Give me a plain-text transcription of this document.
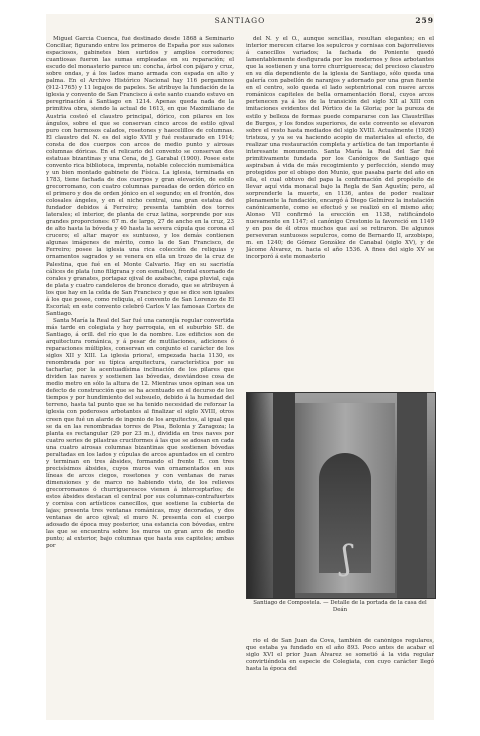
SANTIAGO	259

Miguel García Cuenca, fué destinado desde 1868 á Seminario Conciliar, figurando entre los primeros de España por sus salones espaciosos, gabinetes bien surtidos y amplios corredores; cuantiosas fueron las sumas empleadas en su reparación; el escudo del monasterio parece un: concha, árbol con pájaro y cruz, sobre ondas, y á los lados mano armada con espada en alto y palma. En el Archivo Histórico Nacional hay 116 pergaminos (912-1765) y 11 legajos de papeles. Se atribuye la fundación de la iglesia y convento de San Francisco á este santo cuando estuvo en peregrinación á Santiago en 1214. Apenas queda nada de la primitiva obra, siendo la actual de 1613, en que Maximiliano de Austria costeó el claustro principal, dórico, con pilares en los ángulos, sobre el que se conservan cinco arcos de estilo ojival puro con hermosos calados, rosetones y haecelillos de columnas. El claustro del N. es del siglo XVII y fué restaurado en 1914; consta de dos cuerpos con arcos de medio punto y airosas columnas dóricas. En el relicario del convento se conservan dos estatuas bizantinas y una Cena, de J. Garabal (1900). Posee este convento rica biblioteca, imprenta, notable colección numismática y un bien montado gabinete de Física. La iglesia, terminada en 1783, tiene fachada de dos cuerpos y gran elevación, de estilo grecorromano, con cuatro columnas pareadas de orden dórico en el primero y dos de orden jónico en el segundo; en el frontón, dos colosales ángeles, y en el nicho central, una gran estatua del fundador debidos á Ferreiro; presenta también dos torres laterales; el interior, de planta de cruz latina, sorprende por sus grandes proporciones: 67 m. de largo, 27 de ancho en la cruz, 23 de alto hasta la bóveda y 40 hasta la severa cúpula que corona el crucero; el altar mayor es suntuoso, y los demás contienen algunas imágenes de mérito, como la de San Francisco, de Ferreiro; posee la iglesia una rica colección de reliquias y ornamentos sagrados y se venera en ella un trozo de la cruz de Palestina, que fué en el Monte Calvario. Hay en su sacristía cálices de plata (uno filigrana y con esmaltes), frontal exornado de corales y granates, portapaz ojival de azabache, capa pluvial, caja de plata y cuatro candeleros de bronce dorado, que se atribuyen á los que hay en la celda de San Francisco y que se dice son iguales á los que posee, como reliquia, el convento de San Lorenzo de El Escorial; en este convento celebró Carlos V las famosas Cortes de Santiago.

Santa María la Real del Sar fué una canonjía regular convertida más tarde en colegiata y hoy parroquia, en el suburbio SE. de Santiago, á orill. del río que le da nombre. Los edificios son de arquitectura románica, y á pesar de mutilaciones, adiciones ó reparaciones múltiples, conservan en conjunto el carácter de los siglos XII y XIII. La iglesia priora!, empezada hacia 1130, es renombrada por su típica arquitectura, característica por su tacharlar, por la acentuadísima inclinación de los pilares que dividen las naves y sostienen las bóvedas, desviándose cosa de medio metro en sólo la altura de 12. Mientras unos opinan sea un defecto de construcción que se ha acentuado en el decurso de los tiempos y por hundimiento del subsuelo, debido á la humedad del terreno, hasta tal punto que se ha tenido necesidad de reforzar la iglesia con poderosos arbotantes al finalizar el siglo XVIII, otros creen que fué un alarde de ingenio de los arquitectos, al igual que se da en las renombradas torres de Pisa, Bolonia y Zaragoza; la planta es rectangular (29 por 23 m.), dividida en tres naves por cuatro series de pilastras cruciformes á las que se adosan en cada una cuatro airosas columnas bizantinas que sostienen bóvedas peraltadas en los lados y cúpulas de arcos apuntados en el centro y terminan en tres ábsides, formando el frente E. con tres precisísimos ábsides, cuyos muros van ornamentados en sus líneas de arcos ciegos, rosetones y con ventanas de raras dimensiones y de marco no habiendo visto, de los relieves grecorromanos ó churriguerescos vienen á interceptarlos; de estos ábsides destacan el central por sus columnas-contrafuertes y cornisa con artísticos canecillos, que sostiene la cubierta de lajas; presenta tres ventanas románicas, muy decoradas, y dos ventanas de arco ojival; el muro N. presenta con el cuerpo adosado de época muy posterior, una estancia con bóvedas, entre las que se encuentra sobre los muros un gran arco de medio punto; al exterior, bajo columnas que hasta sus capiteles; ambas por

del N. y el O., aunque sencillas, resultan elegantes; en el interior merecen citarse los sepulcros y cornisas con bajorrelieves á canecillos variados; la fachada de Poniente quedó lamentablemente desfigurada por los modernos y feos arbotantes que la sostienen y una torre churrigueresca; del precioso claustro en su día dependiente de la iglesia de Santiago, sólo queda una galería con pabellón de naranjos y adornado por una gran fuente en el centro, solo queda el lado septentrional con nueve arcos románicos capiteles de bella ornamentación floral, cuyos arcos pertenecen ya á los de la transición del siglo XII al XIII con imitaciones evidentes del Pórtico de la Gloria; por la pureza de estilo y belleza de formas puede compararse con las Claustrillas de Burgos, y los fondos superiores, de este convento se elevaron sobre el resto hasta mediados del siglo XVIII. Actualmente (1926) tristeza, y ya se va haciendo acopio de materiales al efecto, de realizar una restauración completa y artística de tan importante é interesante monumento. Santa María la Real del Sar fué primitivamente fundada por los Canónigos de Santiago que aspiraban á vida de más recogimiento y perfección, siendo muy protegidos por el obispo don Munio, que pasaba parte del año en ella, el cual obtuvo del papa la confirmación del propósito de llevar aquí vida monacal bajo la Regla de San Agustín; pero, al sorprenderle la muerte, en 1136, antes de poder realizar plenamente la fundación, encargó á Diego Gelmírez la instalación canónicamente, como se efectuó y se realizó en el mismo año; Alonso VII confirmó la erección en 1138, ratificándolo nuevamente en 1147; el canónigo Crestonio la favoreció en 1149 y en pos de él otros muchos que así se retiraron. De algunos perseveran suntuosos sepulcros, como de Bernardo II, arzobispo, m. en 1240; de Gómez González de Canabal (siglo XV), y de Jácome Álvarez, m. hacia el año 1536. A fines del siglo XV se incorporó á este monasterio

ʃ
Santiago de Compostela. — Detalle de la portada de la casa del Deán

rio el de San Juan da Cova, también de canónigos regulares, que estaba ya fundado en el año 893. Poco antes de acabar el siglo XVI el prior Juan Álvarez se sometió á la vida regular convirtiéndola en especie de Colegiata, con cuyo carácter llegó hasta la época del
